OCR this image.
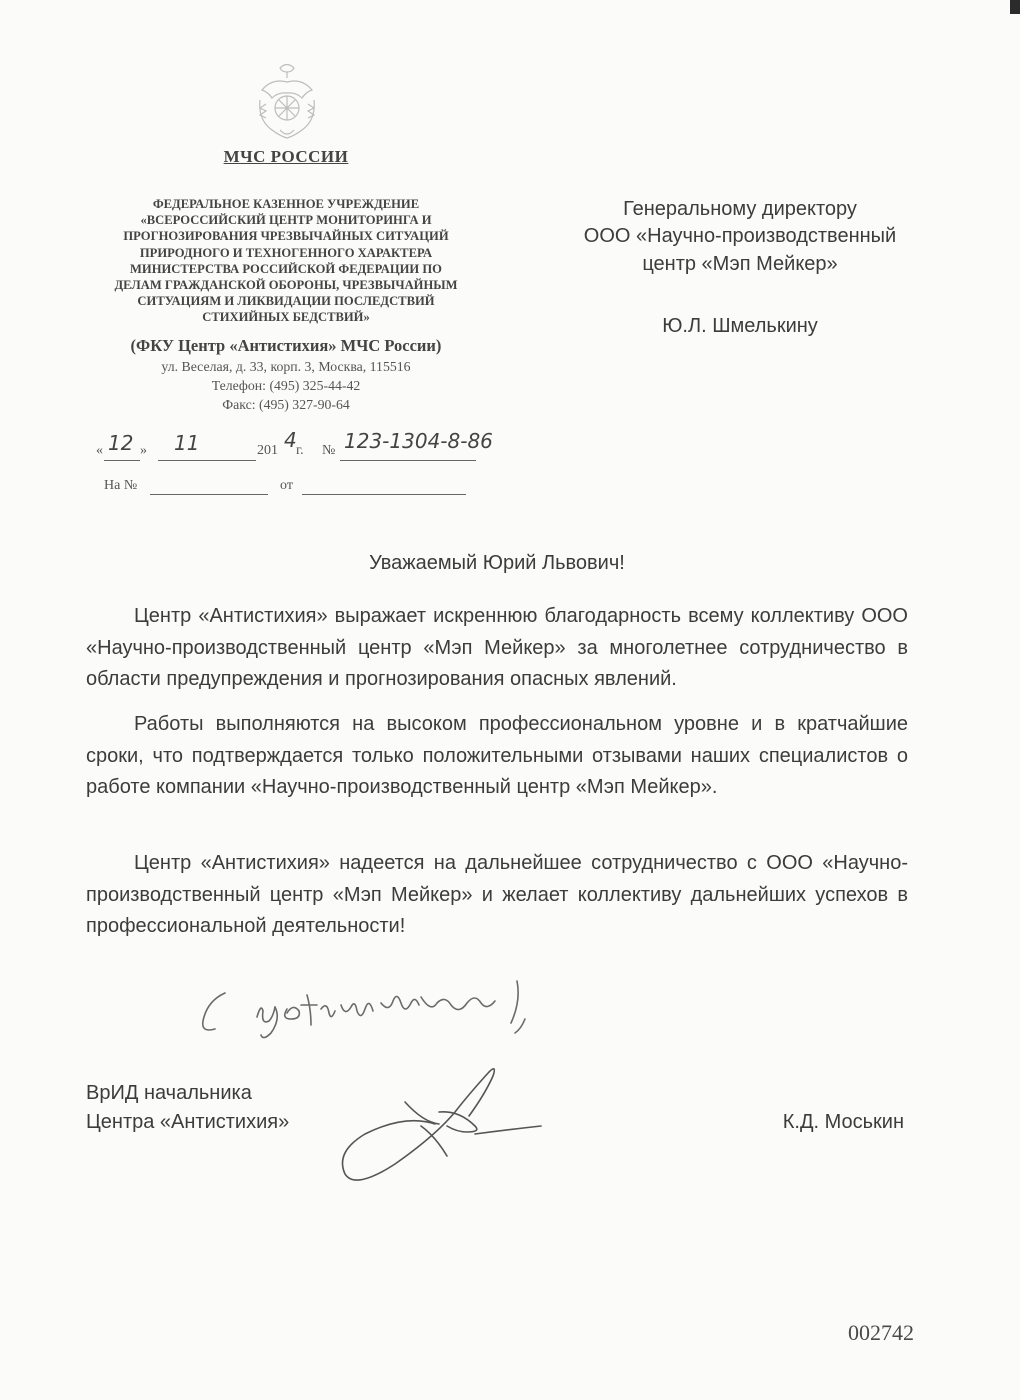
МЧС РОССИИ
ФЕДЕРАЛЬНОЕ КАЗЕННОЕ УЧРЕЖДЕНИЕ
«ВСЕРОССИЙСКИЙ ЦЕНТР МОНИТОРИНГА И
ПРОГНОЗИРОВАНИЯ ЧРЕЗВЫЧАЙНЫХ СИТУАЦИЙ
ПРИРОДНОГО И ТЕХНОГЕННОГО ХАРАКТЕРА
МИНИСТЕРСТВА РОССИЙСКОЙ ФЕДЕРАЦИИ ПО
ДЕЛАМ ГРАЖДАНСКОЙ ОБОРОНЫ, ЧРЕЗВЫЧАЙНЫМ
СИТУАЦИЯМ И ЛИКВИДАЦИИ ПОСЛЕДСТВИЙ
СТИХИЙНЫХ БЕДСТВИЙ»
(ФКУ Центр «Антистихия» МЧС России)
ул. Веселая, д. 33, корп. 3, Москва, 115516
Телефон: (495) 325-44-42
Факс: (495) 327-90-64
« 12 » 11	201 4 г. № 123-1304-8-86
На №	от
Генеральному директору
ООО «Научно-производственный
центр «Мэп Мейкер»
Ю.Л. Шмелькину
Уважаемый Юрий Львович!

Центр «Антистихия» выражает искреннюю благодарность всему коллективу ООО «Научно-производственный центр «Мэп Мейкер» за многолетнее сотрудничество в области предупреждения и прогнозирования опасных явлений.

Работы выполняются на высоком профессиональном уровне и в кратчайшие сроки, что подтверждается только положительными отзывами наших специалистов о работе компании «Научно-производственный центр «Мэп Мейкер».

Центр «Антистихия» надеется на дальнейшее сотрудничество с ООО «Научно-производственный центр «Мэп Мейкер» и желает коллективу дальнейших успехов в профессиональной деятельности!

ВрИД начальника
Центра «Антистихия»	К.Д. Моськин
002742
